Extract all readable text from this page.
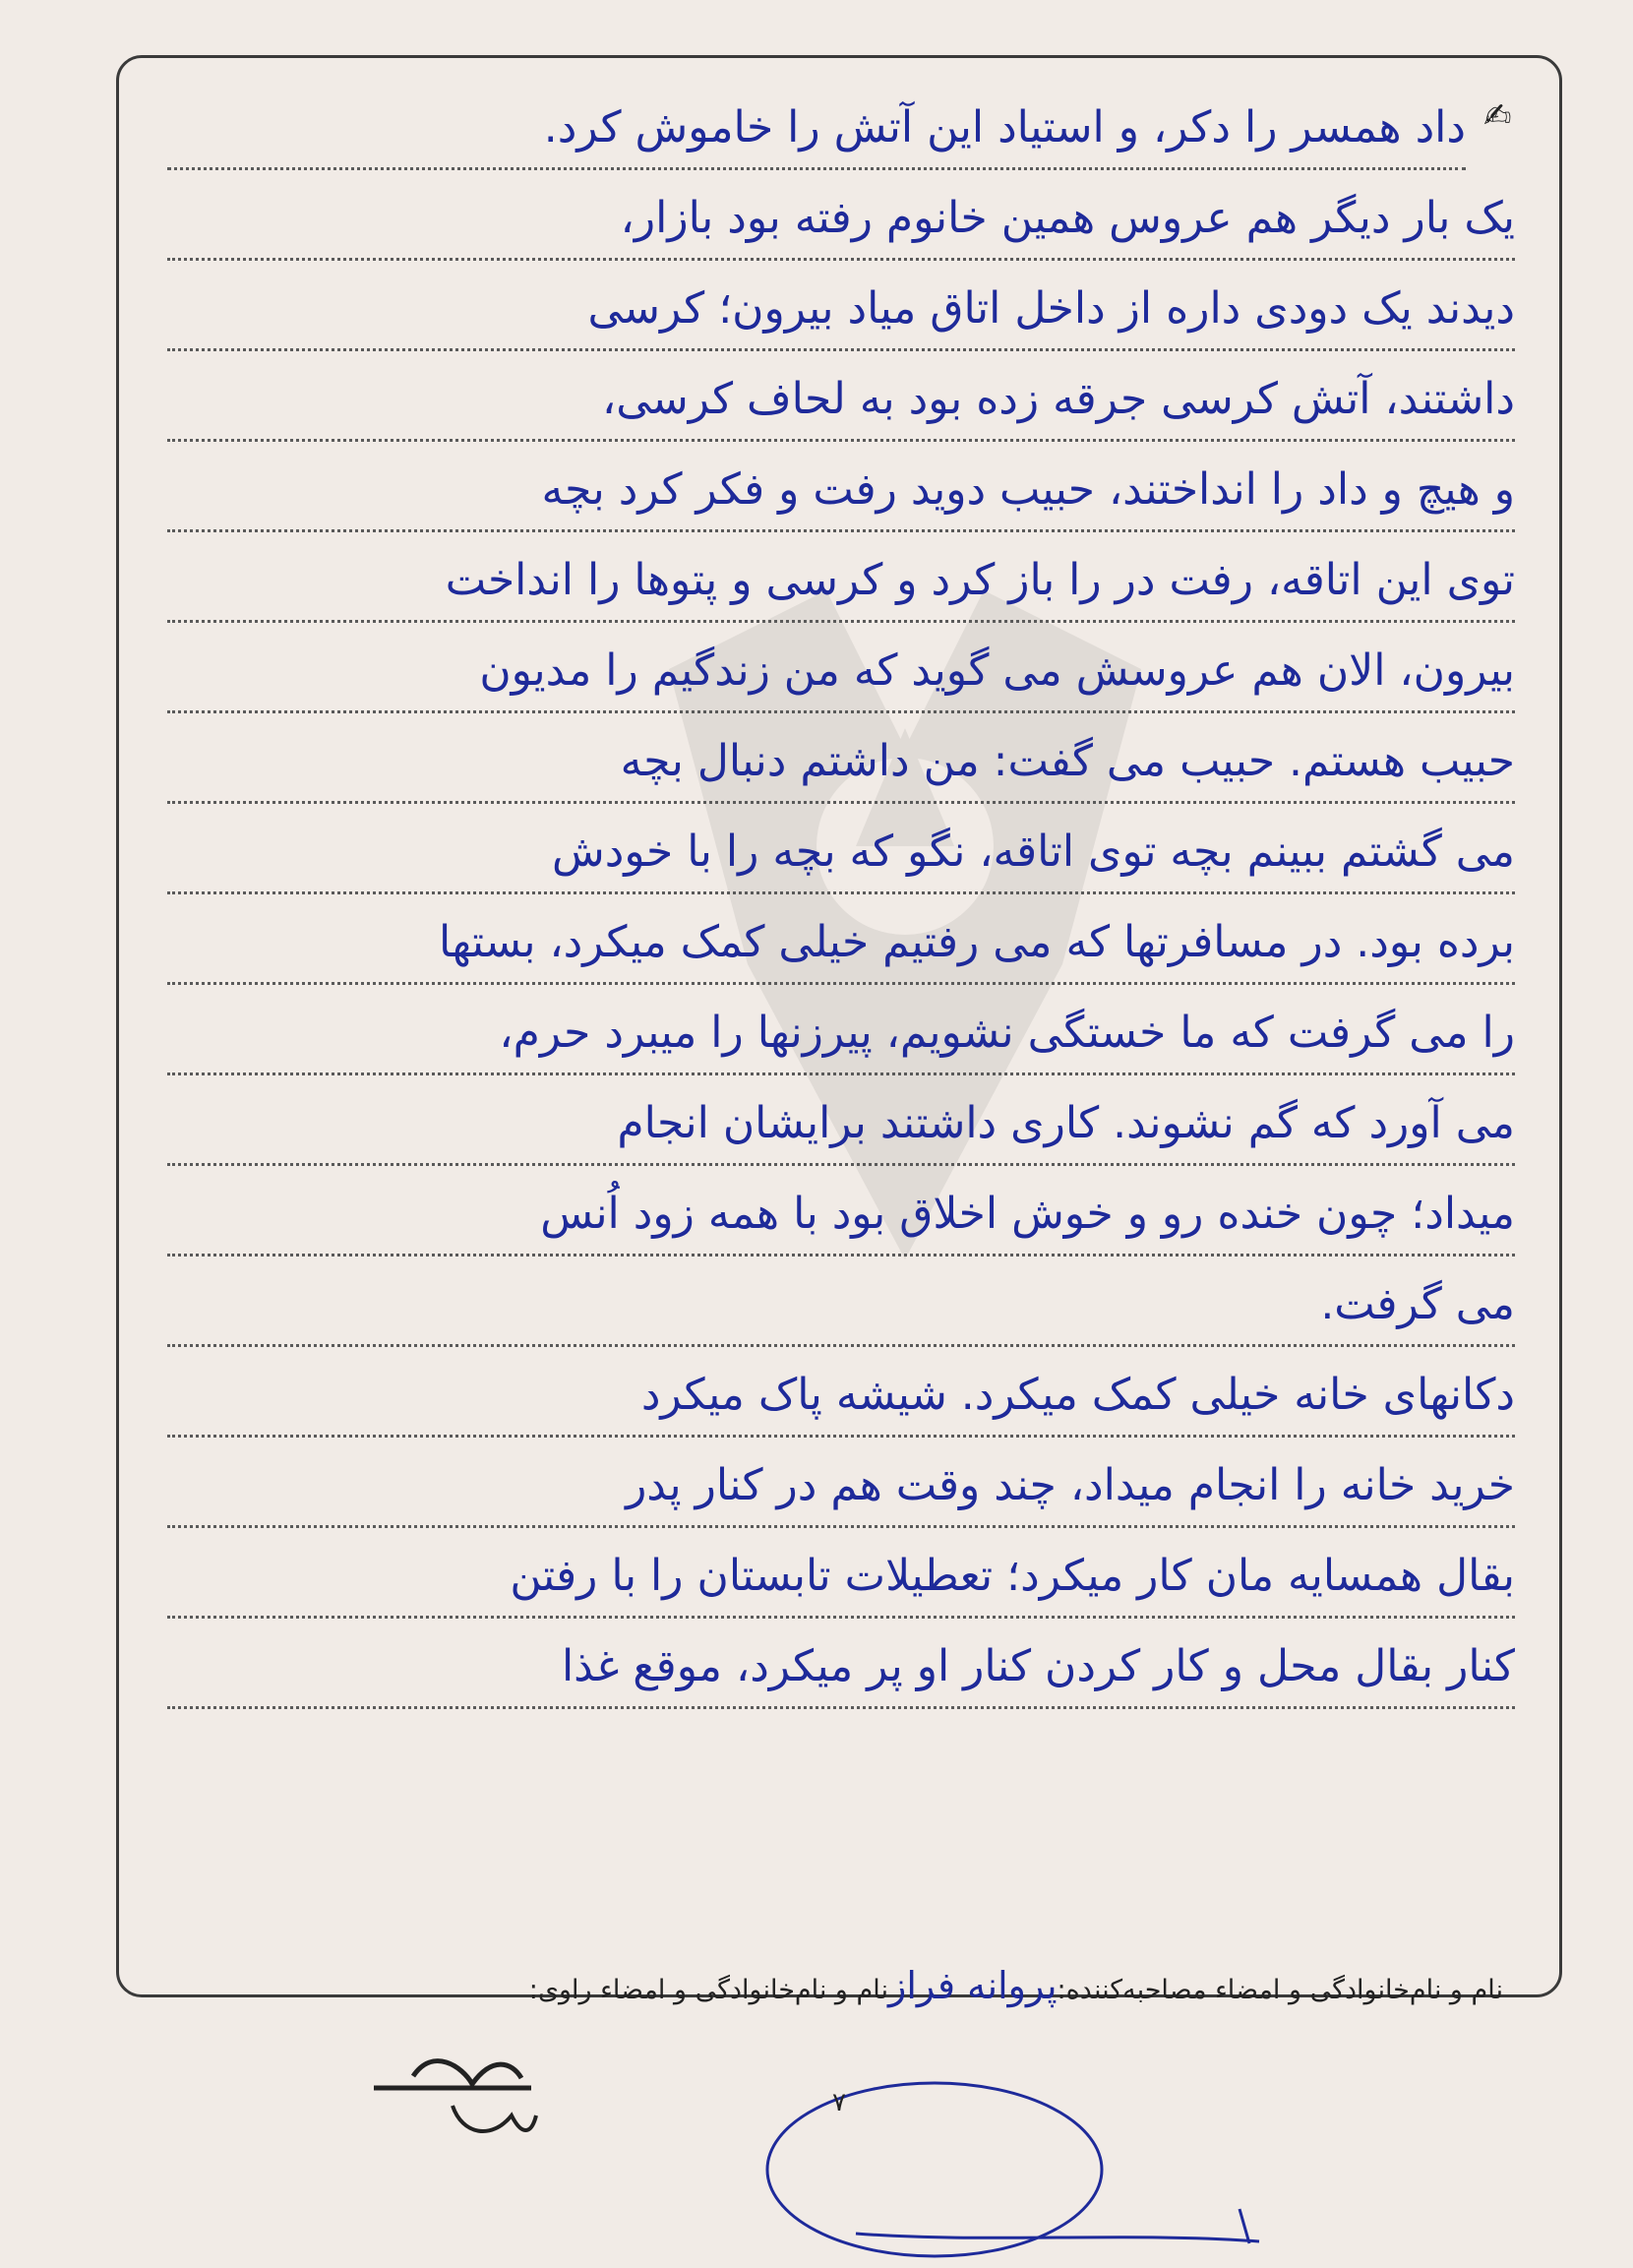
✍
داد همسر را دکر، و استیاد این آتش را خاموش کرد.
یک بار دیگر هم عروس همین خانوم رفته بود بازار،
دیدند یک دودی داره از داخل اتاق میاد بیرون؛ کرسی
داشتند، آتش کرسی جرقه زده بود به لحاف کرسی،
و هیچ و داد را انداختند، حبیب دوید رفت و فکر کرد بچه
توی این اتاقه، رفت در را باز کرد و کرسی و پتوها را انداخت
بیرون، الان هم عروسش می گوید که من زندگیم را مدیون
حبیب هستم. حبیب می گفت: من داشتم دنبال بچه
می گشتم ببینم بچه توی اتاقه، نگو که بچه را با خودش
برده بود. در مسافرتها که می رفتیم خیلی کمک میکرد، بستها
را می گرفت که ما خستگی نشویم، پیرزنها را میبرد حرم،
می آورد که گم نشوند. کاری داشتند برایشان انجام
میداد؛ چون خنده رو و خوش اخلاق بود با همه زود اُنس
می گرفت.
دکانهای خانه خیلی کمک میکرد. شیشه پاک میکرد
خرید خانه را انجام میداد، چند وقت هم در کنار پدر
بقال همسایه مان کار میکرد؛ تعطیلات تابستان را با رفتن
کنار بقال محل و کار کردن کنار او پر میکرد، موقع غذا
نام و نام‌خانوادگی و امضاء مصاحبه‌کننده:پروانه فرازنام و نام‌خانوادگی و امضاء راوی:
۷
